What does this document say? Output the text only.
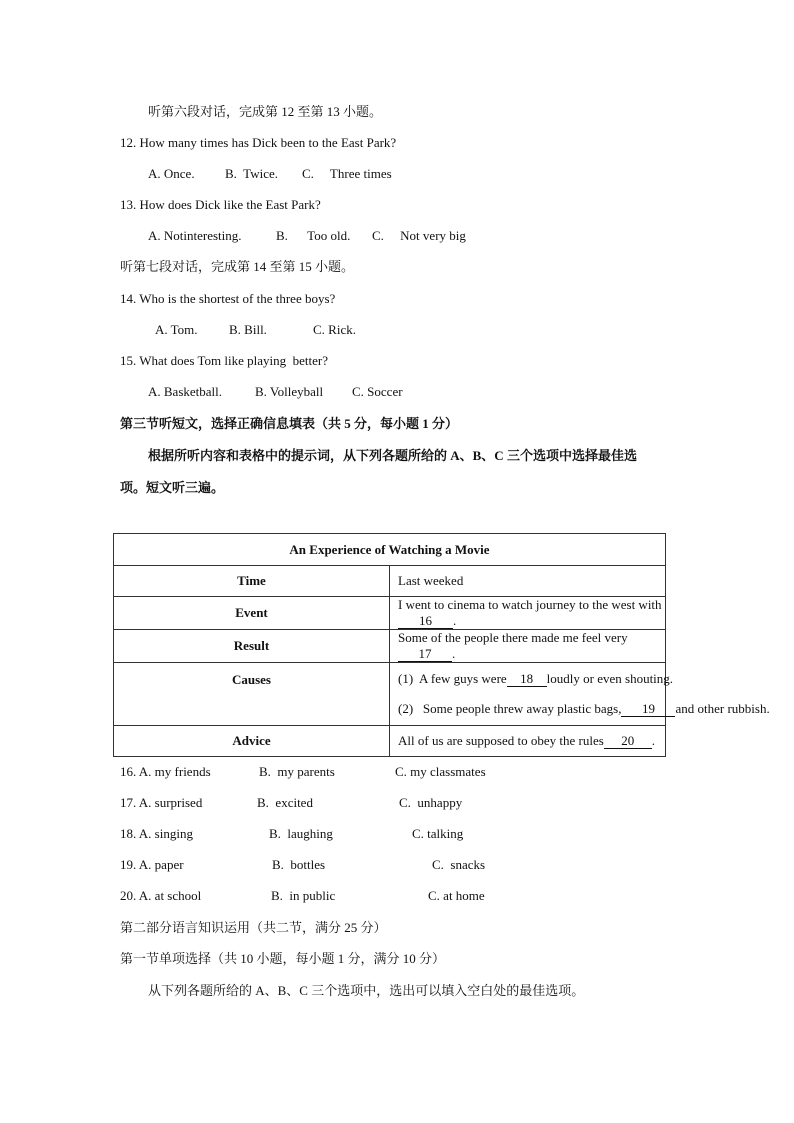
听第六段对话，完成第 12 至第 13 小题。
12. How many times has Dick been to the East Park?
A. Once. B.  Twice. C.     Three times
13. How does Dick like the East Park?
A. Notinteresting.	B.      Too old. C.     Not very big
听第七段对话，完成第 14 至第 15 小题。
14. Who is the shortest of the three boys?
A. Tom. B. Bill.	C. Rick.
15. What does Tom like playing  better?
A. Basketball.	B. Volleyball C. Soccer
第三节听短文，选择正确信息填表（共 5 分，每小题 1 分）
根据所听内容和表格中的提示词，从下列各题所给的 A、B、C 三个选项中选择最佳选
项。短文听三遍。
An Experience of Watching a Movie	
Time	Last weeked
Event	I went to cinema to watch journey to the west with16 .
Result	Some of the people there made me feel very17 .
Causes	(1)  A few guys were 18 loudly or even shouting.
(2)   Some people threw away plastic bags, 19 and other rubbish.

Advice	All of us are supposed to obey the rules 20 .
16. A. my friends	B.  my parents	C. my classmates
17. A. surprised	B.  excited	C.  unhappy
18. A. singing	B.  laughing	C. talking
19. A. paper	B.  bottles	C.  snacks
20. A. at school	B.  in public	C. at home
第二部分语言知识运用（共二节，满分 25 分）
第一节单项选择（共 10 小题，每小题 1 分，满分 10 分）
从下列各题所给的 A、B、C 三个选项中，选出可以填入空白处的最佳选项。
